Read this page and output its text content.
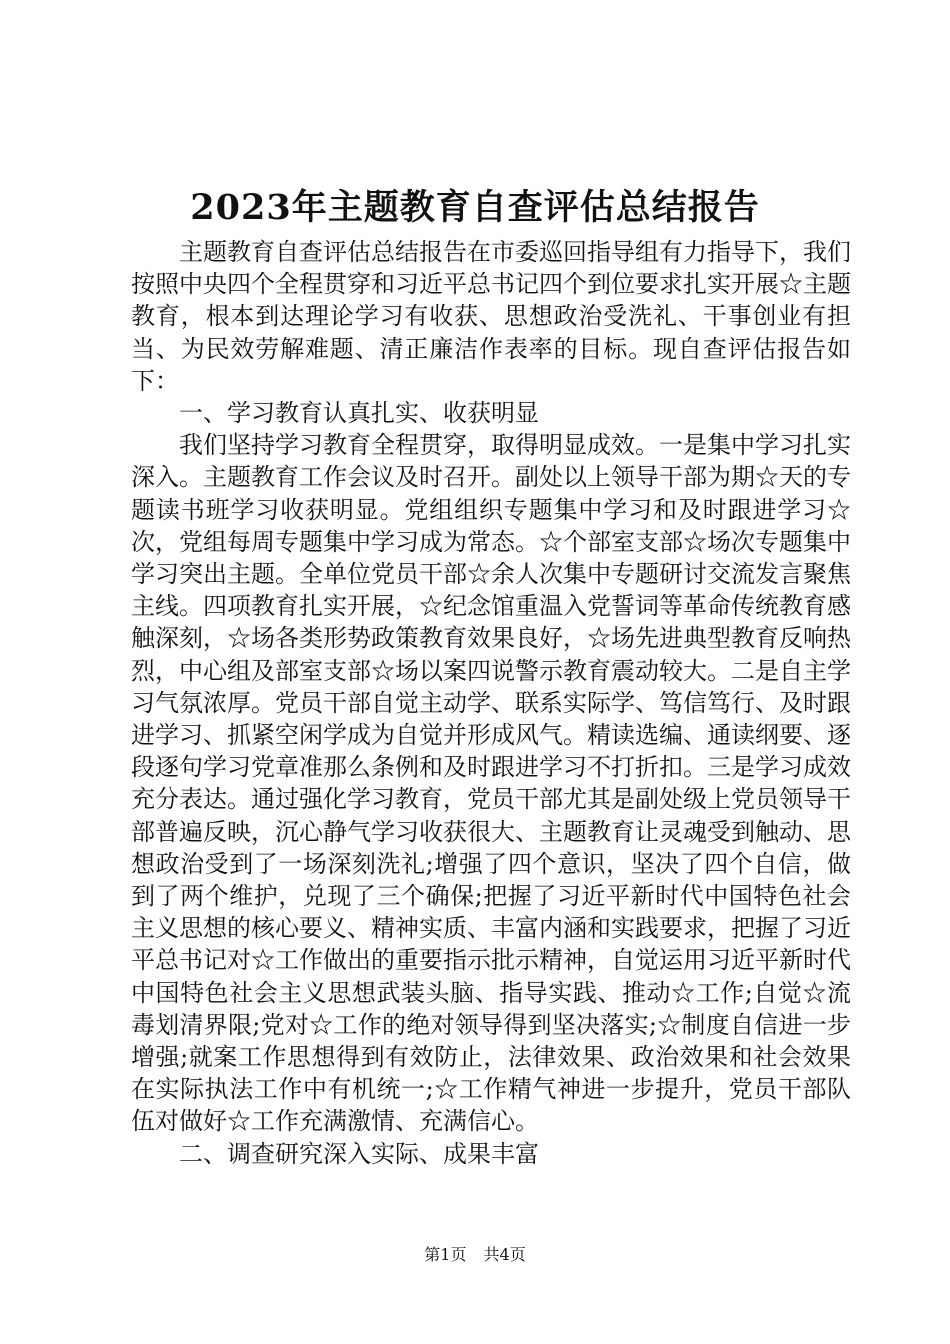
2023年主题教育自查评估总结报告

主题教育自查评估总结报告在市委巡回指导组有力指导下，我们按照中央四个全程贯穿和习近平总书记四个到位要求扎实开展☆主题教育，根本到达理论学习有收获、思想政治受洗礼、干事创业有担当、为民效劳解难题、清正廉洁作表率的目标。现自查评估报告如下：

一、学习教育认真扎实、收获明显

我们坚持学习教育全程贯穿，取得明显成效。一是集中学习扎实深入。主题教育工作会议及时召开。副处以上领导干部为期☆天的专题读书班学习收获明显。党组组织专题集中学习和及时跟进学习☆次，党组每周专题集中学习成为常态。☆个部室支部☆场次专题集中学习突出主题。全单位党员干部☆余人次集中专题研讨交流发言聚焦主线。四项教育扎实开展，☆纪念馆重温入党誓词等革命传统教育感触深刻，☆场各类形势政策教育效果良好，☆场先进典型教育反响热烈，中心组及部室支部☆场以案四说警示教育震动较大。二是自主学习气氛浓厚。党员干部自觉主动学、联系实际学、笃信笃行、及时跟进学习、抓紧空闲学成为自觉并形成风气。精读选编、通读纲要、逐段逐句学习党章准那么条例和及时跟进学习不打折扣。三是学习成效充分表达。通过强化学习教育，党员干部尤其是副处级上党员领导干部普遍反映，沉心静气学习收获很大、主题教育让灵魂受到触动、思想政治受到了一场深刻洗礼;增强了四个意识，坚决了四个自信，做到了两个维护，兑现了三个确保;把握了习近平新时代中国特色社会主义思想的核心要义、精神实质、丰富内涵和实践要求，把握了习近平总书记对☆工作做出的重要指示批示精神，自觉运用习近平新时代中国特色社会主义思想武装头脑、指导实践、推动☆工作;自觉☆流毒划清界限;党对☆工作的绝对领导得到坚决落实;☆制度自信进一步增强;就案工作思想得到有效防止，法律效果、政治效果和社会效果在实际执法工作中有机统一;☆工作精气神进一步提升，党员干部队伍对做好☆工作充满激情、充满信心。

二、调查研究深入实际、成果丰富

第1页 共4页
